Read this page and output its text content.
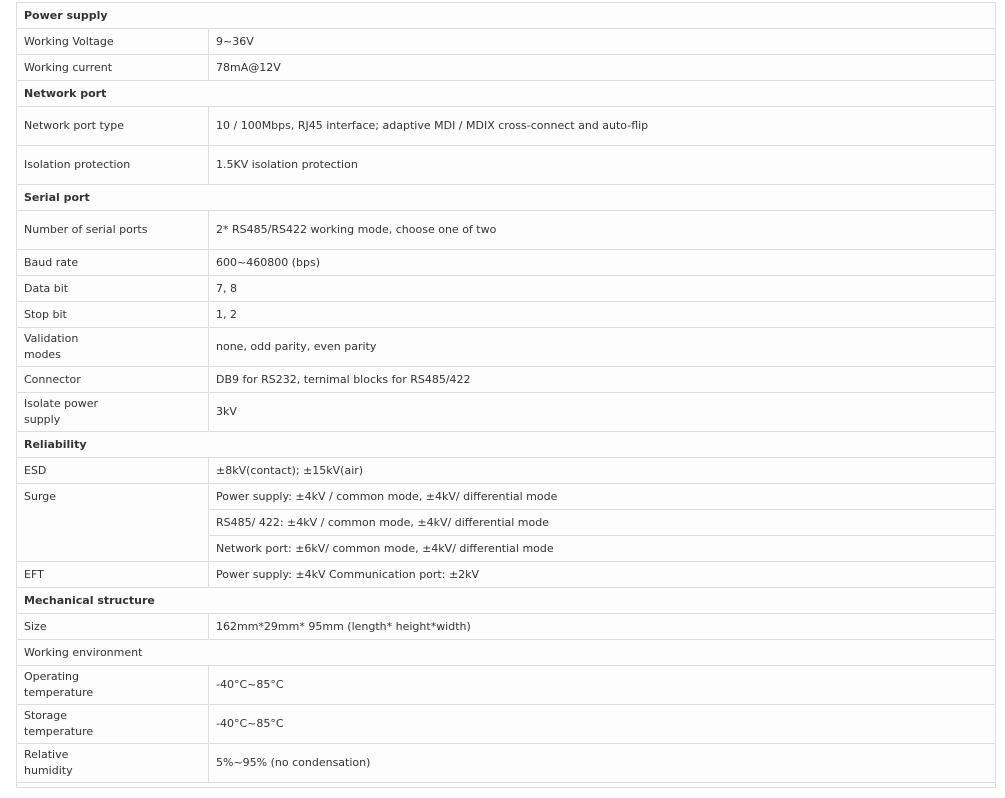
Power supply	
Working Voltage	9~36V
Working current	78mA@12V
Network port	
Network port type	10 / 100Mbps, RJ45 interface; adaptive MDI / MDIX cross-connect and auto-flip
Isolation protection	1.5KV isolation protection
Serial port	
Number of serial ports	2* RS485/RS422 working mode, choose one of two
Baud rate	600~460800 (bps)
Data bit	7, 8
Stop bit	1, 2
Validation modes	none, odd parity, even parity
Connector	DB9 for RS232, ternimal blocks for RS485/422
Isolate power supply	3kV
Reliability	
ESD	±8kV(contact); ±15kV(air)
Surge	Power supply: ±4kV / common mode, ±4kV/ differential mode
	RS485/ 422: ±4kV / common mode, ±4kV/ differential mode
	Network port: ±6kV/ common mode, ±4kV/ differential mode
EFT	Power supply: ±4kV Communication port: ±2kV
Mechanical structure	
Size	162mm*29mm* 95mm (length* height*width)
Working environment	
Operating temperature	-40°C~85°C
Storage temperature	-40°C~85°C
Relative humidity	5%~95% (no condensation)
